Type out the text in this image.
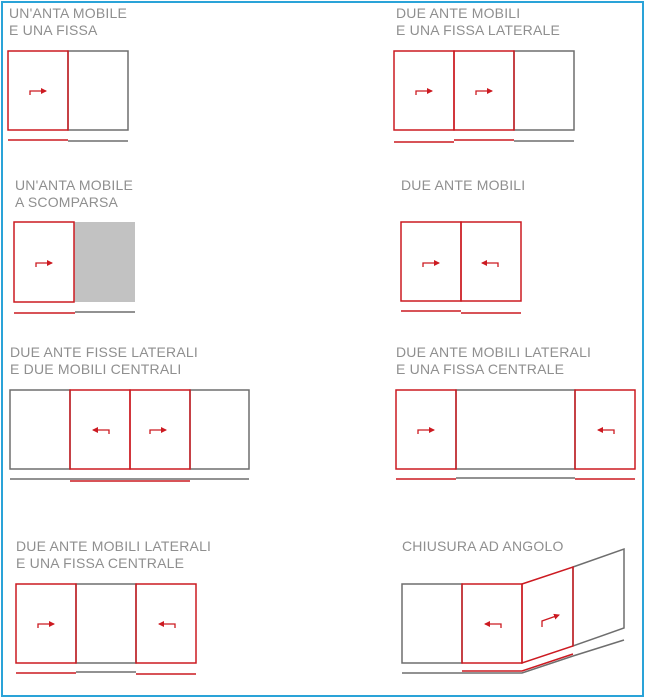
UN'ANTA MOBILE
E UNA FISSA
DUE ANTE MOBILI
E UNA FISSA LATERALE
UN'ANTA MOBILE
A SCOMPARSA
DUE ANTE MOBILI
DUE ANTE FISSE LATERALI
E DUE MOBILI CENTRALI
DUE ANTE MOBILI LATERALI
E UNA FISSA CENTRALE
DUE ANTE MOBILI LATERALI
E UNA FISSA CENTRALE
CHIUSURA AD ANGOLO
